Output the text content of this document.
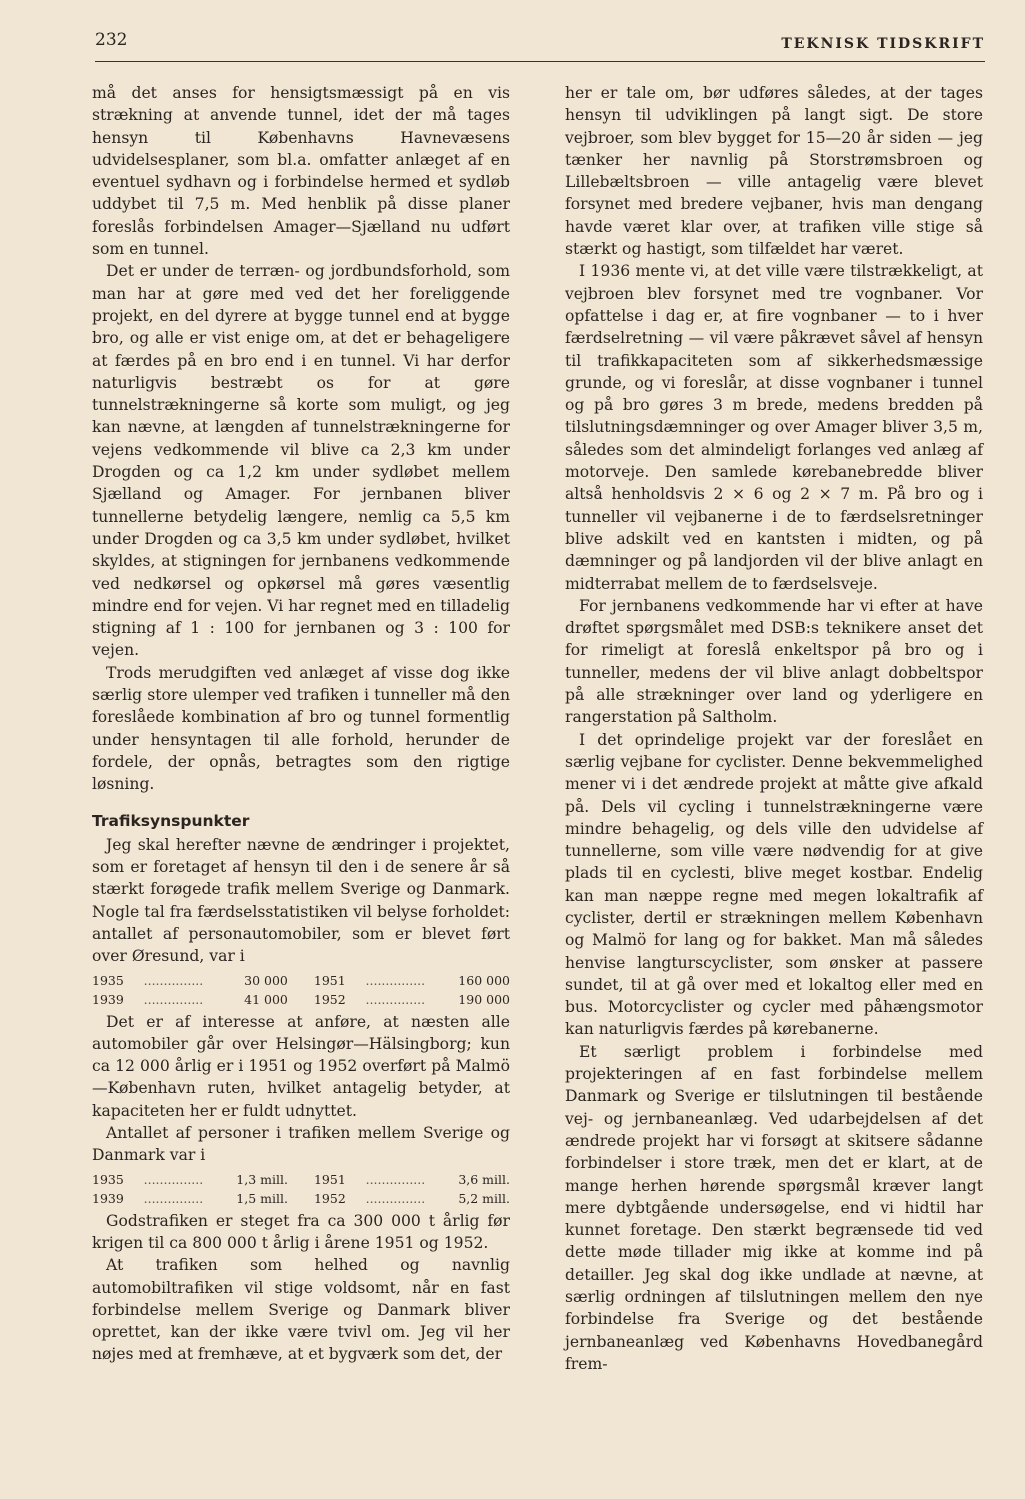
232	TEKNISK TIDSKRIFT

må det anses for hensigtsmæssigt på en vis strækning at anvende tunnel, idet der må tages hensyn til Københavns Havnevæsens udvidelsesplaner, som bl.a. omfatter anlæget af en eventuel sydhavn og i forbindelse hermed et sydløb uddybet til 7,5 m. Med henblik på disse planer foreslås forbindelsen Amager—Sjælland nu udført som en tunnel.

Det er under de terræn- og jordbundsforhold, som man har at gøre med ved det her foreliggende projekt, en del dyrere at bygge tunnel end at bygge bro, og alle er vist enige om, at det er behageligere at færdes på en bro end i en tunnel. Vi har derfor naturligvis bestræbt os for at gøre tunnelstrækningerne så korte som muligt, og jeg kan nævne, at længden af tunnelstrækningerne for vejens vedkommende vil blive ca 2,3 km under Drogden og ca 1,2 km under sydløbet mellem Sjælland og Amager. For jernbanen bliver tunnellerne betydelig længere, nemlig ca 5,5 km under Drogden og ca 3,5 km under sydløbet, hvilket skyldes, at stigningen for jernbanens vedkommende ved nedkørsel og opkørsel må gøres væsentlig mindre end for vejen. Vi har regnet med en tilladelig stigning af 1 : 100 for jernbanen og 3 : 100 for vejen.

Trods merudgiften ved anlæget af visse dog ikke særlig store ulemper ved trafiken i tunneller må den foreslåede kombination af bro og tunnel formentlig under hensyntagen til alle forhold, herunder de fordele, der opnås, betragtes som den rigtige løsning.

Trafiksynspunkter

Jeg skal herefter nævne de ændringer i projektet, som er foretaget af hensyn til den i de senere år så stærkt forøgede trafik mellem Sverige og Danmark. Nogle tal fra færdselsstatistiken vil belyse forholdet: antallet af personautomobiler, som er blevet ført over Øresund, var i

1935	.....	30 000	1951	.....	160 000
1939	.....	41 000	1952	.....	190 000

Det er af interesse at anføre, at næsten alle automobiler går over Helsingør—Hälsingborg; kun ca 12 000 årlig er i 1951 og 1952 overført på Malmö—København ruten, hvilket antagelig betyder, at kapaciteten her er fuldt udnyttet.

Antallet af personer i trafiken mellem Sverige og Danmark var i

1935	.....	1,3 mill.	1951	.....	3,6 mill.
1939	.....	1,5 mill.	1952	.....	5,2 mill.

Godstrafiken er steget fra ca 300 000 t årlig før krigen til ca 800 000 t årlig i årene 1951 og 1952.

At trafiken som helhed og navnlig automobiltrafiken vil stige voldsomt, når en fast forbindelse mellem Sverige og Danmark bliver oprettet, kan der ikke være tvivl om. Jeg vil her nøjes med at fremhæve, at et bygværk som det, der

her er tale om, bør udføres således, at der tages hensyn til udviklingen på langt sigt. De store vejbroer, som blev bygget for 15—20 år siden — jeg tænker her navnlig på Storstrømsbroen og Lillebæltsbroen — ville antagelig være blevet forsynet med bredere vejbaner, hvis man dengang havde været klar over, at trafiken ville stige så stærkt og hastigt, som tilfældet har været.

I 1936 mente vi, at det ville være tilstrækkeligt, at vejbroen blev forsynet med tre vognbaner. Vor opfattelse i dag er, at fire vognbaner — to i hver færdselretning — vil være påkrævet såvel af hensyn til trafikkapaciteten som af sikkerhedsmæssige grunde, og vi foreslår, at disse vognbaner i tunnel og på bro gøres 3 m brede, medens bredden på tilslutningsdæmninger og over Amager bliver 3,5 m, således som det almindeligt forlanges ved anlæg af motorveje. Den samlede kørebanebredde bliver altså henholdsvis 2 × 6 og 2 × 7 m. På bro og i tunneller vil vejbanerne i de to færdselsretninger blive adskilt ved en kantsten i midten, og på dæmninger og på landjorden vil der blive anlagt en midterrabat mellem de to færdselsveje.

For jernbanens vedkommende har vi efter at have drøftet spørgsmålet med DSB:s teknikere anset det for rimeligt at foreslå enkeltspor på bro og i tunneller, medens der vil blive anlagt dobbeltspor på alle strækninger over land og yderligere en rangerstation på Saltholm.

I det oprindelige projekt var der foreslået en særlig vejbane for cyclister. Denne bekvemmelighed mener vi i det ændrede projekt at måtte give afkald på. Dels vil cycling i tunnelstrækningerne være mindre behagelig, og dels ville den udvidelse af tunnellerne, som ville være nødvendig for at give plads til en cyclesti, blive meget kostbar. Endelig kan man næppe regne med megen lokaltrafik af cyclister, dertil er strækningen mellem København og Malmö for lang og for bakket. Man må således henvise langturscyclister, som ønsker at passere sundet, til at gå over med et lokaltog eller med en bus. Motorcyclister og cycler med påhængsmotor kan naturligvis færdes på kørebanerne.

Et særligt problem i forbindelse med projekteringen af en fast forbindelse mellem Danmark og Sverige er tilslutningen til bestående vej- og jernbaneanlæg. Ved udarbejdelsen af det ændrede projekt har vi forsøgt at skitsere sådanne forbindelser i store træk, men det er klart, at de mange herhen hørende spørgsmål kræver langt mere dybtgående undersøgelse, end vi hidtil har kunnet foretage. Den stærkt begrænsede tid ved dette møde tillader mig ikke at komme ind på detailler. Jeg skal dog ikke undlade at nævne, at særlig ordningen af tilslutningen mellem den nye forbindelse fra Sverige og det bestående jernbaneanlæg ved Københavns Hovedbanegård frem-
